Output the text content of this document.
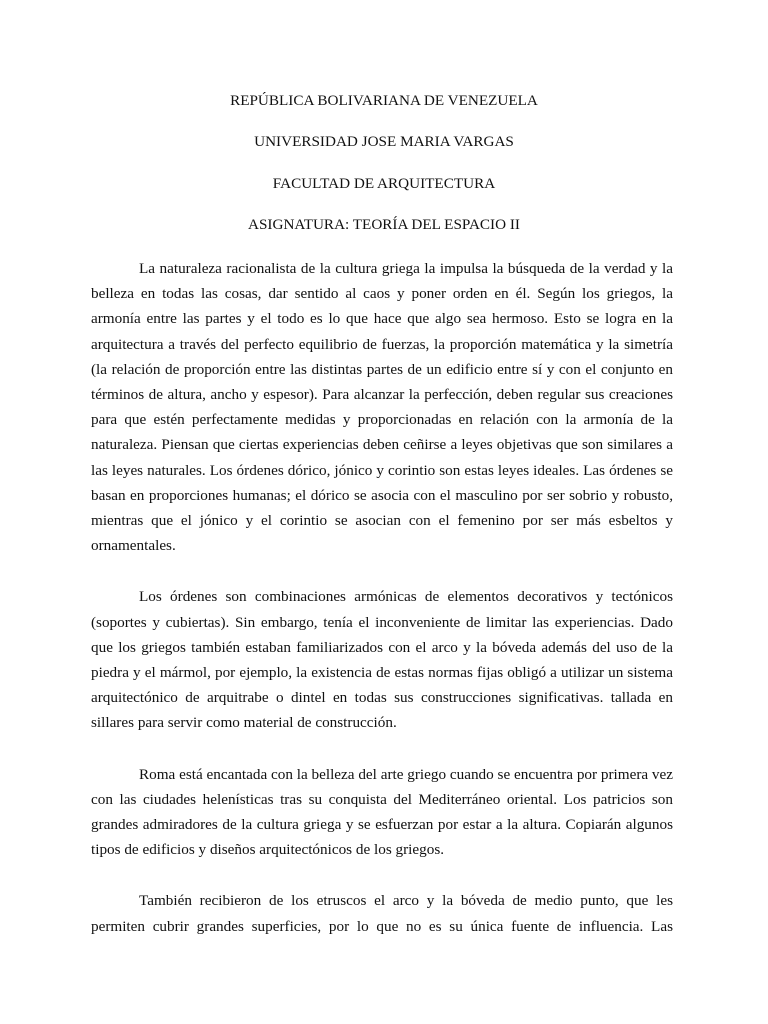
REPÚBLICA BOLIVARIANA DE VENEZUELA
UNIVERSIDAD JOSE MARIA VARGAS
FACULTAD DE ARQUITECTURA
ASIGNATURA: TEORÍA DEL ESPACIO II

La naturaleza racionalista de la cultura griega la impulsa la búsqueda de la verdad y la belleza en todas las cosas, dar sentido al caos y poner orden en él. Según los griegos, la armonía entre las partes y el todo es lo que hace que algo sea hermoso. Esto se logra en la arquitectura a través del perfecto equilibrio de fuerzas, la proporción matemática y la simetría (la relación de proporción entre las distintas partes de un edificio entre sí y con el conjunto en términos de altura, ancho y espesor). Para alcanzar la perfección, deben regular sus creaciones para que estén perfectamente medidas y proporcionadas en relación con la armonía de la naturaleza. Piensan que ciertas experiencias deben ceñirse a leyes objetivas que son similares a las leyes naturales. Los órdenes dórico, jónico y corintio son estas leyes ideales. Las órdenes se basan en proporciones humanas; el dórico se asocia con el masculino por ser sobrio y robusto, mientras que el jónico y el corintio se asocian con el femenino por ser más esbeltos y ornamentales.

Los órdenes son combinaciones armónicas de elementos decorativos y tectónicos (soportes y cubiertas). Sin embargo, tenía el inconveniente de limitar las experiencias. Dado que los griegos también estaban familiarizados con el arco y la bóveda además del uso de la piedra y el mármol, por ejemplo, la existencia de estas normas fijas obligó a utilizar un sistema arquitectónico de arquitrabe o dintel en todas sus construcciones significativas. tallada en sillares para servir como material de construcción.

Roma está encantada con la belleza del arte griego cuando se encuentra por primera vez con las ciudades helenísticas tras su conquista del Mediterráneo oriental. Los patricios son grandes admiradores de la cultura griega y se esfuerzan por estar a la altura. Copiarán algunos tipos de edificios y diseños arquitectónicos de los griegos.

También recibieron de los etruscos el arco y la bóveda de medio punto, que les permiten cubrir grandes superficies, por lo que no es su única fuente de influencia. Las
